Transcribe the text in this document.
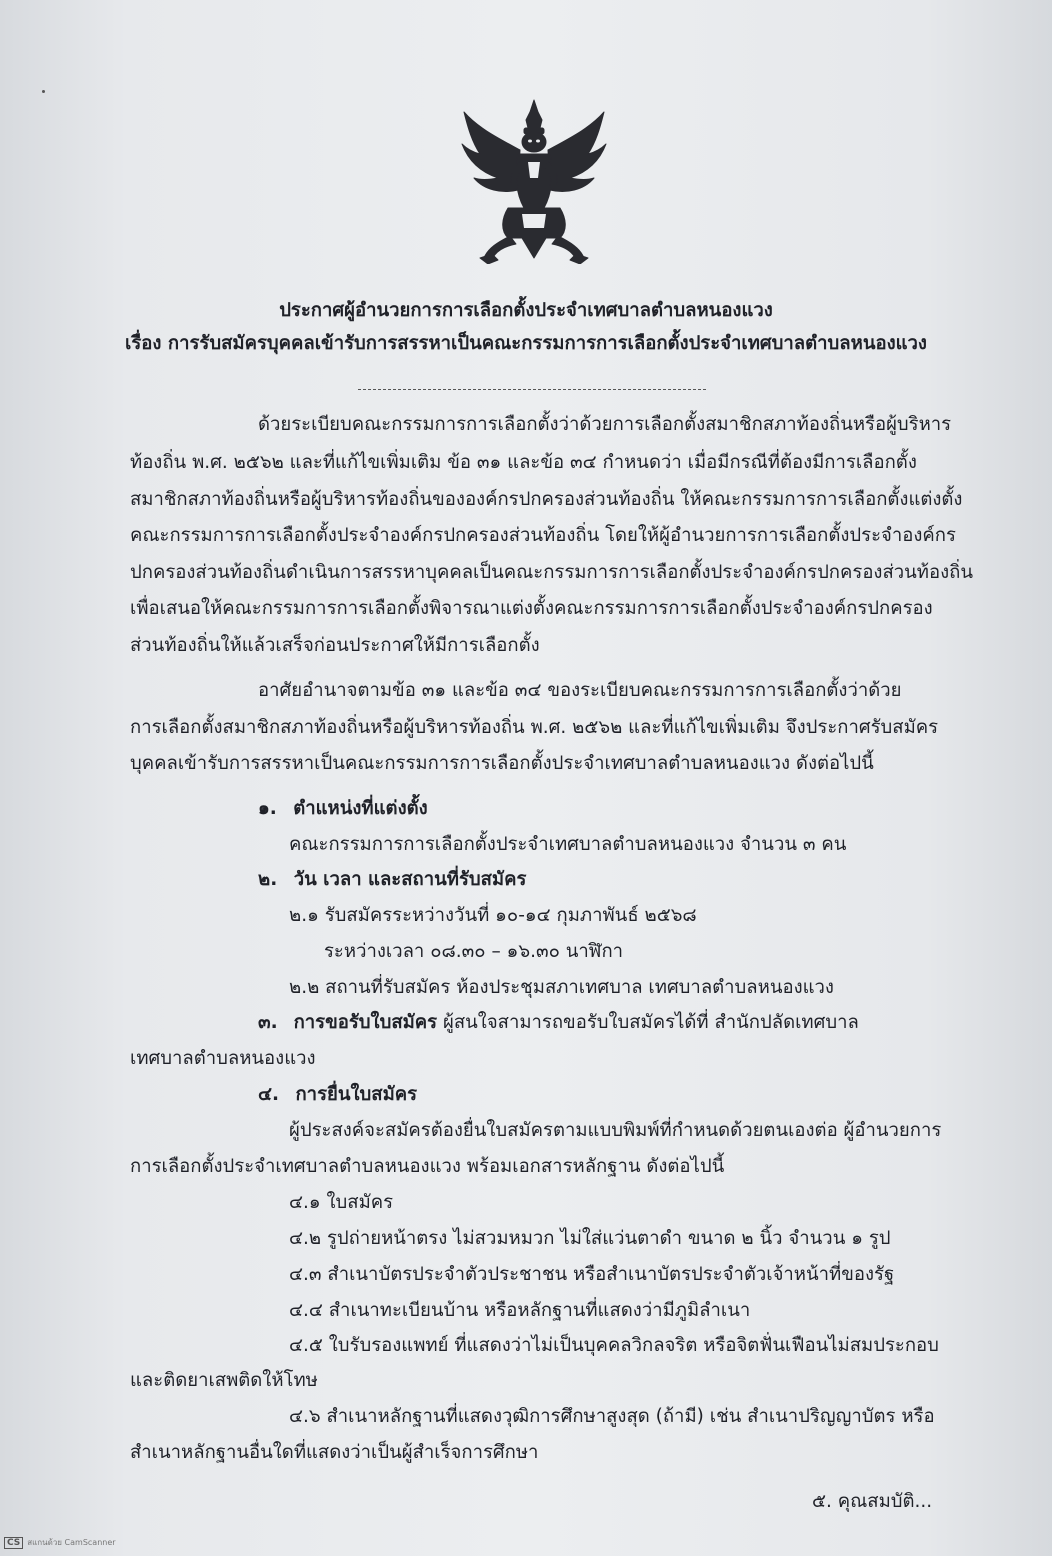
ประกาศผู้อำนวยการการเลือกตั้งประจำเทศบาลตำบลหนองแวง
เรื่อง การรับสมัครบุคคลเข้ารับการสรรหาเป็นคณะกรรมการการเลือกตั้งประจำเทศบาลตำบลหนองแวง
ด้วยระเบียบคณะกรรมการการเลือกตั้งว่าด้วยการเลือกตั้งสมาชิกสภาท้องถิ่นหรือผู้บริหาร
ท้องถิ่น พ.ศ. ๒๕๖๒ และที่แก้ไขเพิ่มเติม ข้อ ๓๑ และข้อ ๓๔ กำหนดว่า เมื่อมีกรณีที่ต้องมีการเลือกตั้ง
สมาชิกสภาท้องถิ่นหรือผู้บริหารท้องถิ่นขององค์กรปกครองส่วนท้องถิ่น ให้คณะกรรมการการเลือกตั้งแต่งตั้ง
คณะกรรมการการเลือกตั้งประจำองค์กรปกครองส่วนท้องถิ่น โดยให้ผู้อำนวยการการเลือกตั้งประจำองค์กร
ปกครองส่วนท้องถิ่นดำเนินการสรรหาบุคคลเป็นคณะกรรมการการเลือกตั้งประจำองค์กรปกครองส่วนท้องถิ่น
เพื่อเสนอให้คณะกรรมการการเลือกตั้งพิจารณาแต่งตั้งคณะกรรมการการเลือกตั้งประจำองค์กรปกครอง
ส่วนท้องถิ่นให้แล้วเสร็จก่อนประกาศให้มีการเลือกตั้ง
อาศัยอำนาจตามข้อ ๓๑ และข้อ ๓๔ ของระเบียบคณะกรรมการการเลือกตั้งว่าด้วย
การเลือกตั้งสมาชิกสภาท้องถิ่นหรือผู้บริหารท้องถิ่น พ.ศ. ๒๕๖๒ และที่แก้ไขเพิ่มเติม จึงประกาศรับสมัคร
บุคคลเข้ารับการสรรหาเป็นคณะกรรมการการเลือกตั้งประจำเทศบาลตำบลหนองแวง ดังต่อไปนี้
๑. ตำแหน่งที่แต่งตั้ง
คณะกรรมการการเลือกตั้งประจำเทศบาลตำบลหนองแวง จำนวน ๓ คน
๒. วัน เวลา และสถานที่รับสมัคร
๒.๑ รับสมัครระหว่างวันที่ ๑๐-๑๔ กุมภาพันธ์ ๒๕๖๘
ระหว่างเวลา ๐๘.๓๐ – ๑๖.๓๐ นาฬิกา
๒.๒ สถานที่รับสมัคร ห้องประชุมสภาเทศบาล เทศบาลตำบลหนองแวง
๓. การขอรับใบสมัคร ผู้สนใจสามารถขอรับใบสมัครได้ที่ สำนักปลัดเทศบาล
เทศบาลตำบลหนองแวง
๔. การยื่นใบสมัคร
ผู้ประสงค์จะสมัครต้องยื่นใบสมัครตามแบบพิมพ์ที่กำหนดด้วยตนเองต่อ ผู้อำนวยการ
การเลือกตั้งประจำเทศบาลตำบลหนองแวง พร้อมเอกสารหลักฐาน ดังต่อไปนี้
๔.๑ ใบสมัคร
๔.๒ รูปถ่ายหน้าตรง ไม่สวมหมวก ไม่ใส่แว่นตาดำ ขนาด ๒ นิ้ว จำนวน ๑ รูป
๔.๓ สำเนาบัตรประจำตัวประชาชน หรือสำเนาบัตรประจำตัวเจ้าหน้าที่ของรัฐ
๔.๔ สำเนาทะเบียนบ้าน หรือหลักฐานที่แสดงว่ามีภูมิลำเนา
๔.๕ ใบรับรองแพทย์ ที่แสดงว่าไม่เป็นบุคคลวิกลจริต หรือจิตฟั่นเฟือนไม่สมประกอบ
และติดยาเสพติดให้โทษ
๔.๖ สำเนาหลักฐานที่แสดงวุฒิการศึกษาสูงสุด (ถ้ามี) เช่น สำเนาปริญญาบัตร หรือ
สำเนาหลักฐานอื่นใดที่แสดงว่าเป็นผู้สำเร็จการศึกษา
๕. คุณสมบัติ...
CS สแกนด้วย CamScanner
